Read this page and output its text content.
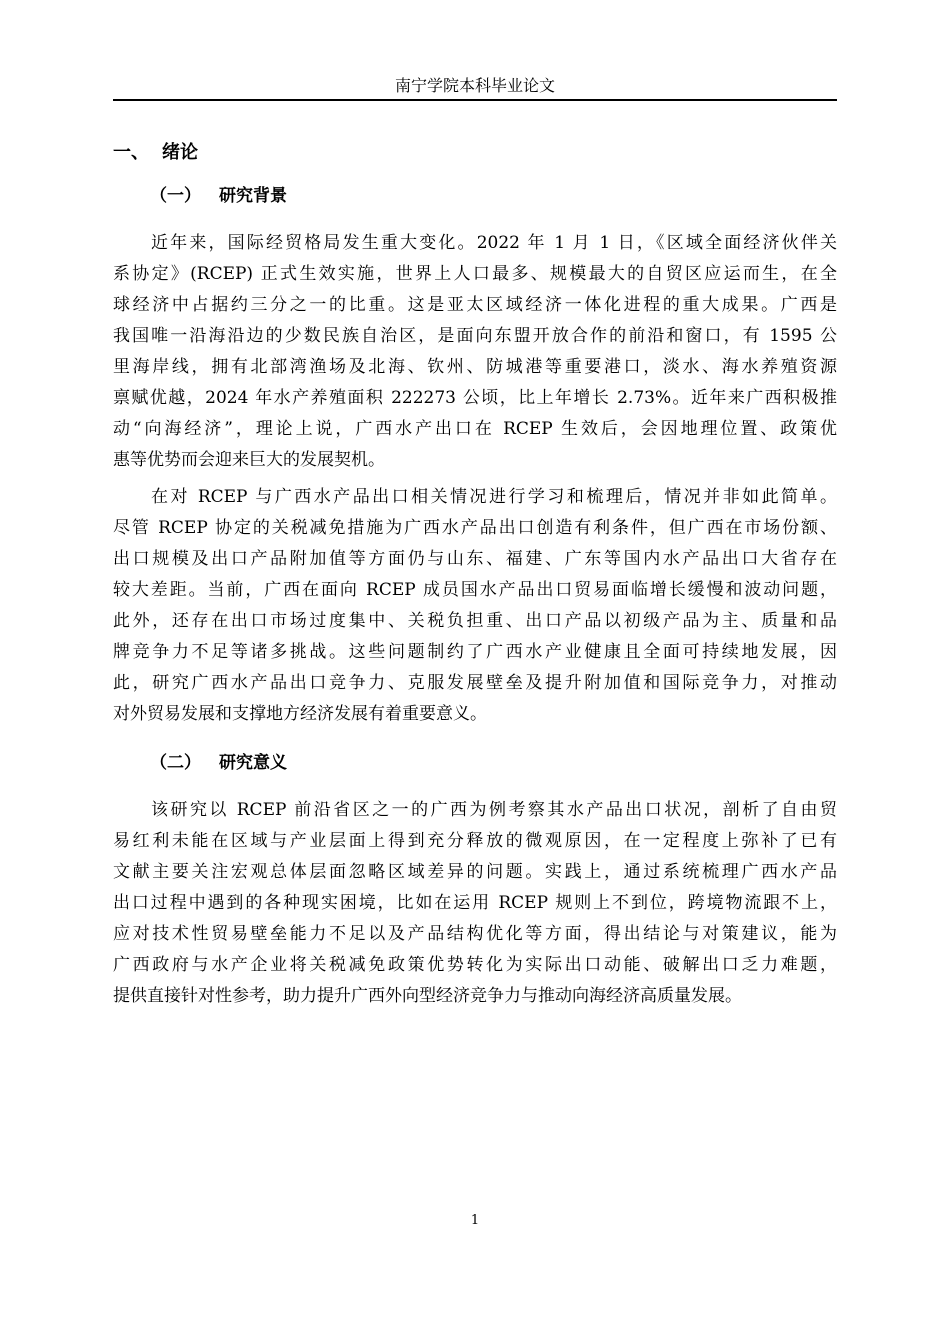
南宁学院本科毕业论文
一、 绪论
（一） 研究背景
近年来，国际经贸格局发生重大变化。2022 年 1 月 1 日，《区域全面经济伙伴关
系协定》(RCEP) 正式生效实施，世界上人口最多、规模最大的自贸区应运而生，在全
球经济中占据约三分之一的比重。这是亚太区域经济一体化进程的重大成果。广西是
我国唯一沿海沿边的少数民族自治区，是面向东盟开放合作的前沿和窗口，有 1595 公
里海岸线，拥有北部湾渔场及北海、钦州、防城港等重要港口，淡水、海水养殖资源
禀赋优越，2024 年水产养殖面积 222273 公顷，比上年增长 2.73%。近年来广西积极推
动“向海经济”，理论上说，广西水产出口在 RCEP 生效后，会因地理位置、政策优
惠等优势而会迎来巨大的发展契机。
在对 RCEP 与广西水产品出口相关情况进行学习和梳理后，情况并非如此简单。
尽管 RCEP 协定的关税减免措施为广西水产品出口创造有利条件，但广西在市场份额、
出口规模及出口产品附加值等方面仍与山东、福建、广东等国内水产品出口大省存在
较大差距。当前，广西在面向 RCEP 成员国水产品出口贸易面临增长缓慢和波动问题，
此外，还存在出口市场过度集中、关税负担重、出口产品以初级产品为主、质量和品
牌竞争力不足等诸多挑战。这些问题制约了广西水产业健康且全面可持续地发展，因
此，研究广西水产品出口竞争力、克服发展壁垒及提升附加值和国际竞争力，对推动
对外贸易发展和支撑地方经济发展有着重要意义。
（二） 研究意义
该研究以 RCEP 前沿省区之一的广西为例考察其水产品出口状况，剖析了自由贸
易红利未能在区域与产业层面上得到充分释放的微观原因，在一定程度上弥补了已有
文献主要关注宏观总体层面忽略区域差异的问题。实践上，通过系统梳理广西水产品
出口过程中遇到的各种现实困境，比如在运用 RCEP 规则上不到位，跨境物流跟不上，
应对技术性贸易壁垒能力不足以及产品结构优化等方面，得出结论与对策建议，能为
广西政府与水产企业将关税减免政策优势转化为实际出口动能、破解出口乏力难题，
提供直接针对性参考，助力提升广西外向型经济竞争力与推动向海经济高质量发展。
1
